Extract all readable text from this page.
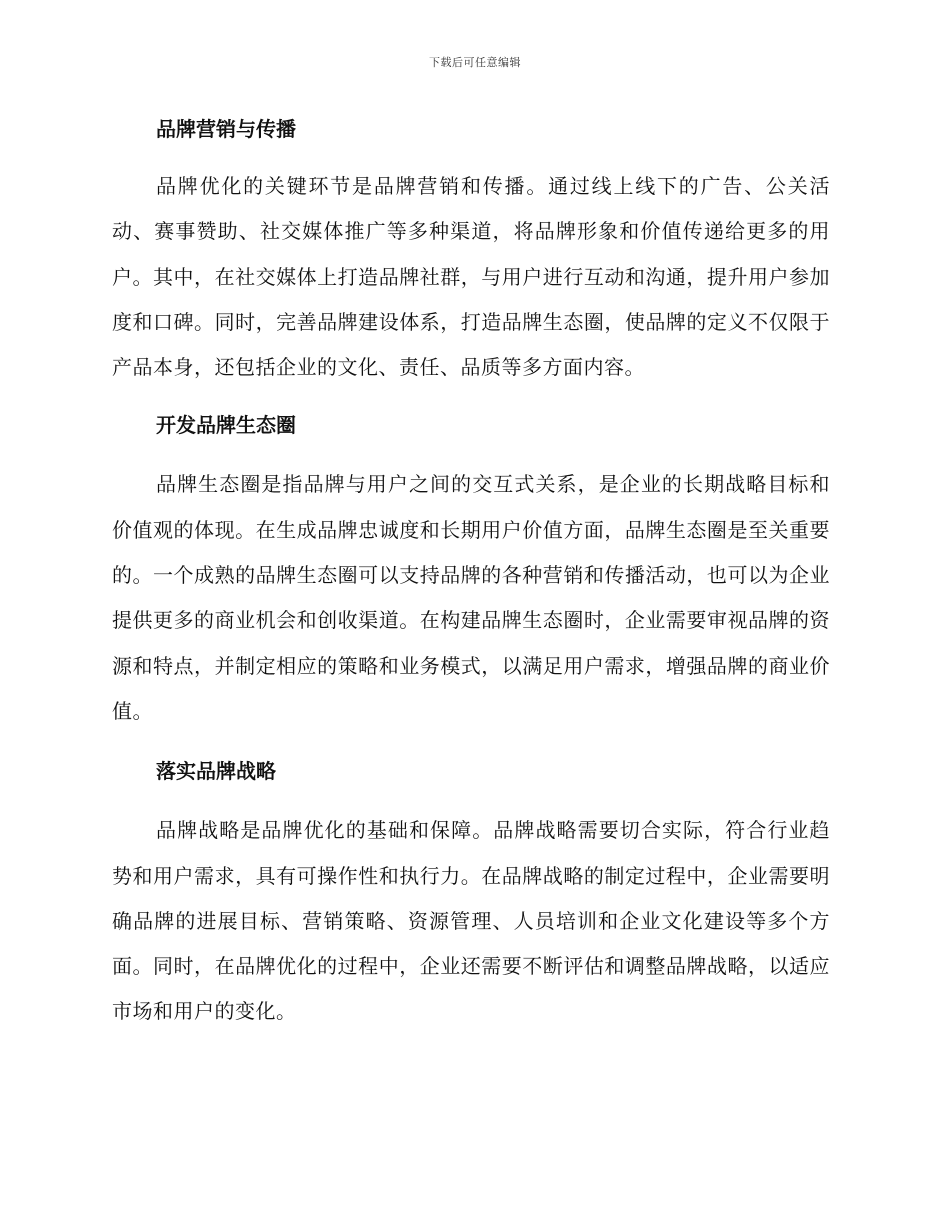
下载后可任意编辑
品牌营销与传播

品牌优化的关键环节是品牌营销和传播。通过线上线下的广告、公关活动、赛事赞助、社交媒体推广等多种渠道，将品牌形象和价值传递给更多的用户。其中，在社交媒体上打造品牌社群，与用户进行互动和沟通，提升用户参加度和口碑。同时，完善品牌建设体系，打造品牌生态圈，使品牌的定义不仅限于产品本身，还包括企业的文化、责任、品质等多方面内容。

开发品牌生态圈

品牌生态圈是指品牌与用户之间的交互式关系，是企业的长期战略目标和价值观的体现。在生成品牌忠诚度和长期用户价值方面，品牌生态圈是至关重要的。一个成熟的品牌生态圈可以支持品牌的各种营销和传播活动，也可以为企业提供更多的商业机会和创收渠道。在构建品牌生态圈时，企业需要审视品牌的资源和特点，并制定相应的策略和业务模式，以满足用户需求，增强品牌的商业价值。

落实品牌战略

品牌战略是品牌优化的基础和保障。品牌战略需要切合实际，符合行业趋势和用户需求，具有可操作性和执行力。在品牌战略的制定过程中，企业需要明确品牌的进展目标、营销策略、资源管理、人员培训和企业文化建设等多个方面。同时，在品牌优化的过程中，企业还需要不断评估和调整品牌战略，以适应市场和用户的变化。
